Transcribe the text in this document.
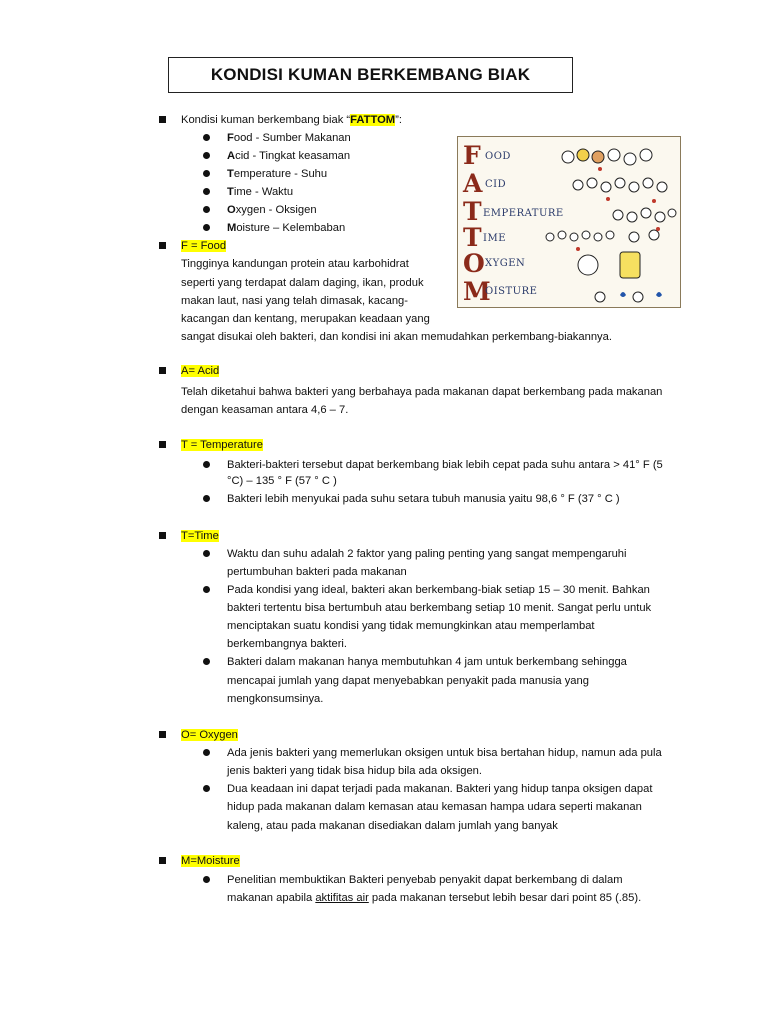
KONDISI KUMAN BERKEMBANG BIAK
Kondisi kuman berkembang biak “FATTOM”:
Food - Sumber Makanan
Acid - Tingkat keasaman
Temperature - Suhu
Time - Waktu
Oxygen - Oksigen
Moisture – Kelembaban
F OOD
A CID
T EMPERATURE
T IME
O XYGEN
M
OISTURE
F = Food
Tingginya kandungan protein atau karbohidrat
seperti yang terdapat dalam daging, ikan, produk
makan laut, nasi yang telah dimasak, kacang-
kacangan dan kentang, merupakan keadaan yang
sangat disukai oleh bakteri, dan kondisi ini akan memudahkan perkembang-biakannya.
A= Acid
Telah diketahui bahwa bakteri yang berbahaya pada makanan dapat berkembang pada makanan
dengan keasaman antara 4,6 – 7.
T = Temperature
Bakteri-bakteri tersebut dapat berkembang biak lebih cepat pada suhu antara > 41° F (5
°C) – 135 ° F (57 ° C )
Bakteri lebih menyukai pada suhu setara tubuh manusia yaitu 98,6 ° F (37 ° C )
T=Time
Waktu dan suhu adalah 2 faktor yang paling penting yang sangat mempengaruhi
pertumbuhan bakteri pada makanan
Pada kondisi yang ideal, bakteri akan berkembang-biak setiap 15 – 30 menit. Bahkan
bakteri tertentu bisa bertumbuh atau berkembang setiap 10 menit. Sangat perlu untuk
menciptakan suatu kondisi yang tidak memungkinkan atau memperlambat
berkembangnya bakteri.
Bakteri dalam makanan hanya membutuhkan 4 jam untuk berkembang sehingga
mencapai jumlah yang dapat menyebabkan penyakit pada manusia yang
mengkonsumsinya.
O= Oxygen
Ada jenis bakteri yang memerlukan oksigen untuk bisa bertahan hidup, namun ada pula
jenis bakteri yang tidak bisa hidup bila ada oksigen.
Dua keadaan ini dapat terjadi pada makanan. Bakteri yang hidup tanpa oksigen dapat
hidup pada makanan dalam kemasan atau kemasan hampa udara seperti makanan
kaleng, atau pada makanan disediakan dalam jumlah yang banyak
M=Moisture
Penelitian membuktikan Bakteri penyebab penyakit dapat berkembang di dalam
makanan apabila aktifitas air pada makanan tersebut lebih besar dari point 85 (.85).
